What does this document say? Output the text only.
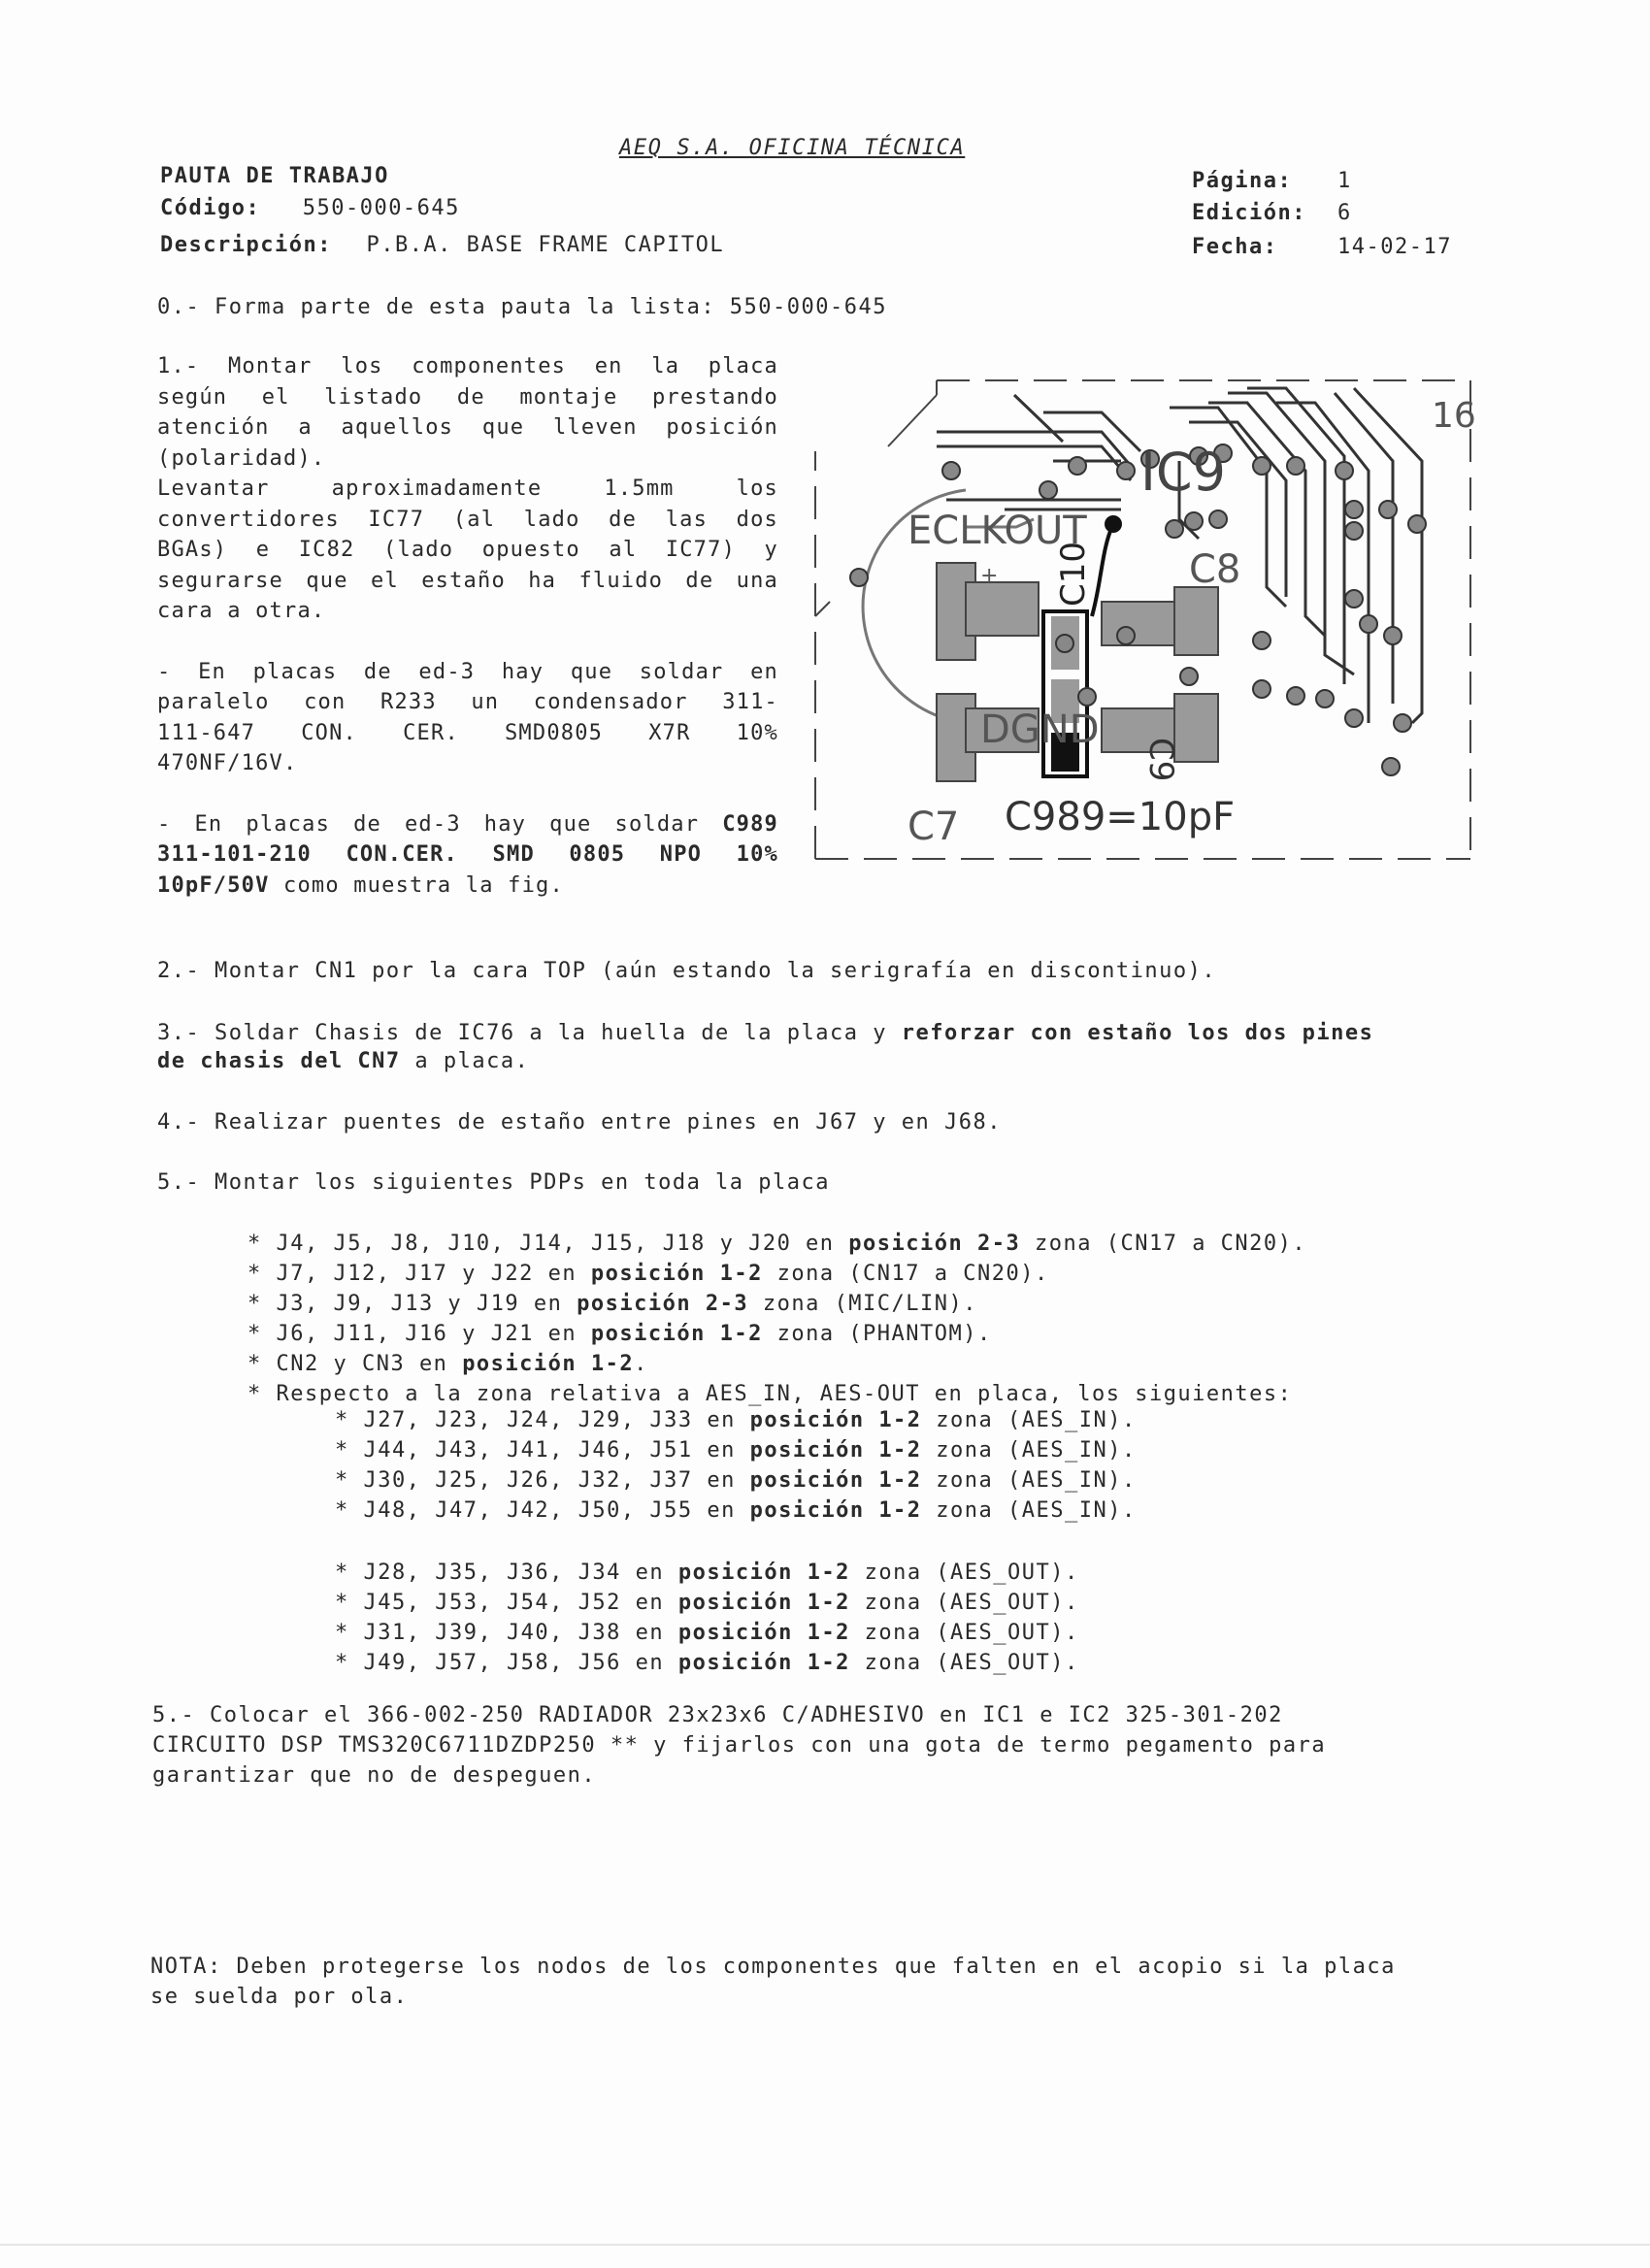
AEQ S.A. OFICINA TÉCNICA
PAUTA DE TRABAJO
Código: 550-000-645
Descripción: P.B.A. BASE FRAME CAPITOL
Página: 1
Edición: 6
Fecha:	14-02-17
0.- Forma parte de esta pauta la lista: 550-000-645
1.- Montar los componentes en la placa
según el listado de montaje prestando
atención a aquellos que lleven posición
(polaridad).
Levantar aproximadamente 1.5mm los
convertidores IC77 (al lado de las dos
BGAs) e IC82 (lado opuesto al IC77) y
segurarse que el estaño ha fluido de una
cara a otra.
- En placas de ed-3 hay que soldar en
paralelo con R233 un condensador 311-
111-647 CON. CER. SMD0805 X7R 10%
470NF/16V.
- En placas de ed-3 hay que soldar C989
311-101-210 CON.CER. SMD 0805 NPO 10%
10pF/50V como muestra la fig.
16
IC9
ECLKOUT
C8
DGND
C7 C989=10pF
+ C10
C9
2.- Montar CN1 por la cara TOP (aún estando la serigrafía en discontinuo).
3.- Soldar Chasis de IC76 a la huella de la placa y reforzar con estaño los dos pines
de chasis del CN7 a placa.
4.- Realizar puentes de estaño entre pines en J67 y en J68.
5.- Montar los siguientes PDPs en toda la placa
* J4, J5, J8, J10, J14, J15, J18 y J20 en posición 2-3 zona (CN17 a CN20).
* J7, J12, J17 y J22 en posición 1-2 zona (CN17 a CN20).
* J3, J9, J13 y J19 en posición 2-3 zona (MIC/LIN).
* J6, J11, J16 y J21 en posición 1-2 zona (PHANTOM).
* CN2 y CN3 en posición 1-2.
* Respecto a la zona relativa a AES_IN, AES-OUT en placa, los siguientes:
* J27, J23, J24, J29, J33 en posición 1-2 zona (AES_IN).
* J44, J43, J41, J46, J51 en posición 1-2 zona (AES_IN).
* J30, J25, J26, J32, J37 en posición 1-2 zona (AES_IN).
* J48, J47, J42, J50, J55 en posición 1-2 zona (AES_IN).
* J28, J35, J36, J34 en posición 1-2 zona (AES_OUT).
* J45, J53, J54, J52 en posición 1-2 zona (AES_OUT).
* J31, J39, J40, J38 en posición 1-2 zona (AES_OUT).
* J49, J57, J58, J56 en posición 1-2 zona (AES_OUT).
5.- Colocar el 366-002-250 RADIADOR 23x23x6 C/ADHESIVO en IC1 e IC2 325-301-202
CIRCUITO DSP TMS320C6711DZDP250 ** y fijarlos con una gota de termo pegamento para
garantizar que no de despeguen.
NOTA: Deben protegerse los nodos de los componentes que falten en el acopio si la placa
se suelda por ola.
